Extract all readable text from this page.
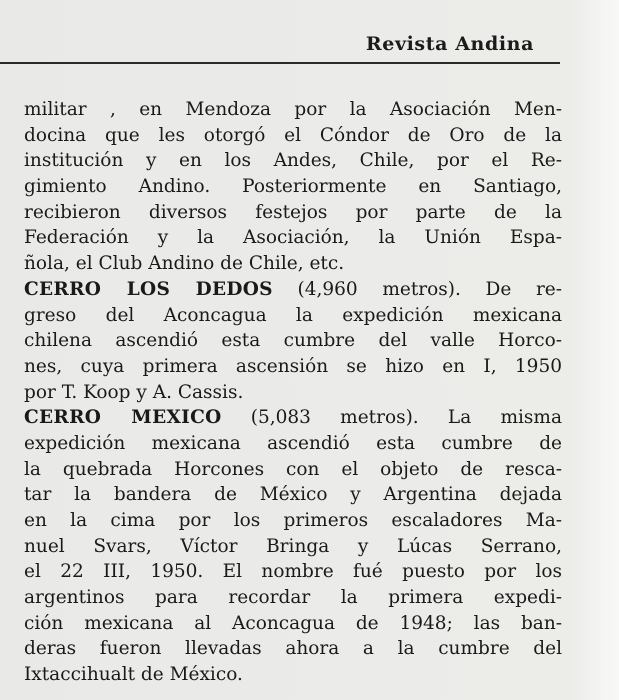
Revista Andina
militar , en Mendoza por la Asociación Men-
docina que les otorgó el Cóndor de Oro de la
institución y en los Andes, Chile, por el Re-
gimiento Andino. Posteriormente en Santiago,
recibieron diversos festejos por parte de la
Federación y la Asociación, la Unión Espa-
ñola, el Club Andino de Chile, etc.
CERRO LOS DEDOS (4,960 metros). De re-
greso del Aconcagua la expedición mexicana
chilena ascendió esta cumbre del valle Horco-
nes, cuya primera ascensión se hizo en I, 1950
por T. Koop y A. Cassis.
CERRO MEXICO (5,083 metros). La misma
expedición mexicana ascendió esta cumbre de
la quebrada Horcones con el objeto de resca-
tar la bandera de México y Argentina dejada
en la cima por los primeros escaladores Ma-
nuel Svars, Víctor Bringa y Lúcas Serrano,
el 22 III, 1950. El nombre fué puesto por los
argentinos para recordar la primera expedi-
ción mexicana al Aconcagua de 1948; las ban-
deras fueron llevadas ahora a la cumbre del
Ixtaccihualt de México.
